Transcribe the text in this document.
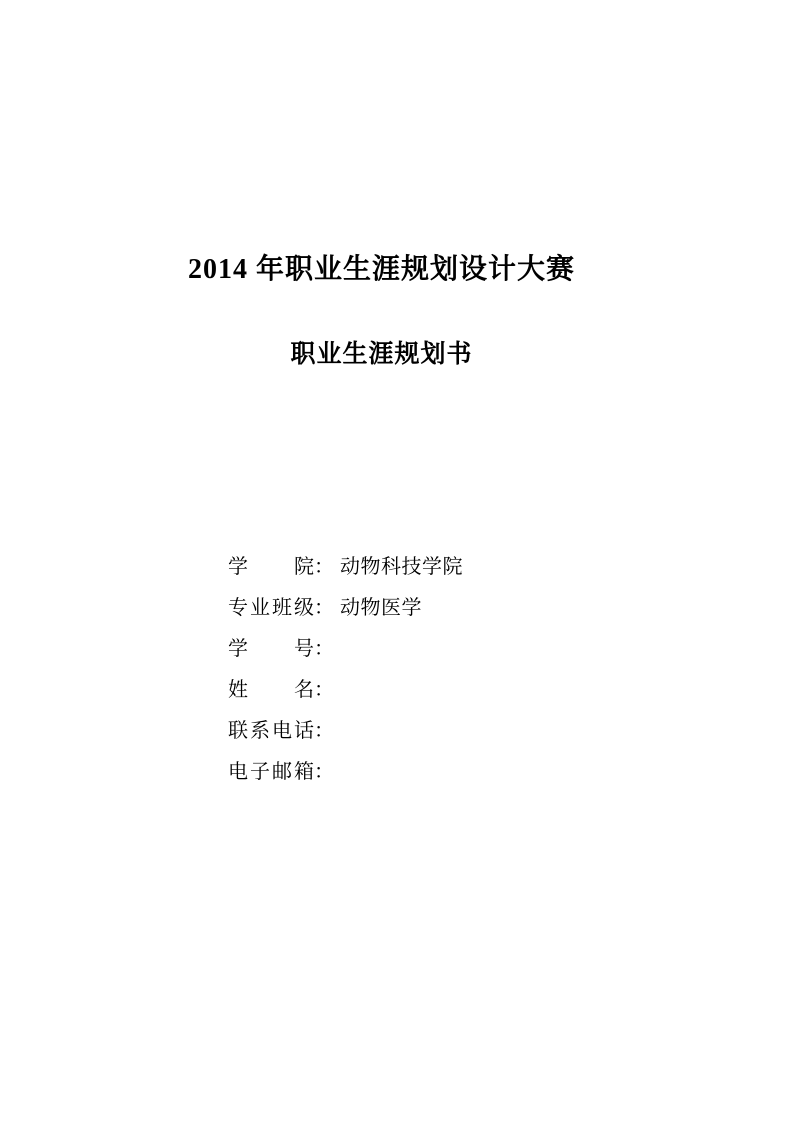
2014 年职业生涯规划设计大赛
职业生涯规划书
学院 ： 动物科技学院
专业班级 ： 动物医学
学号 ：
姓名 ：
联系电话 ：
电子邮箱 ：
